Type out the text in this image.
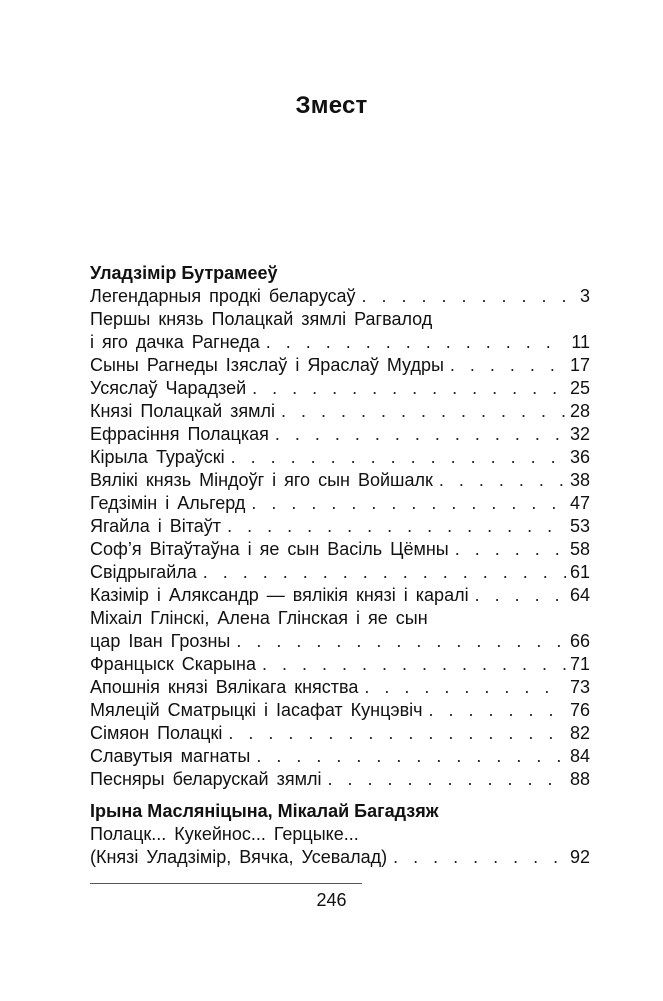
Змест
Уладзімір Бутрамееў
Легендарныя продкі беларусаў . . .	3
Першы князь Полацкай зямлі Рагвалод
і яго дачка Рагнеда . . .	11
Сыны Рагнеды Ізяслаў і Яраслаў Мудры . . .	17
Усяслаў Чарадзей . . .	25
Князі Полацкай зямлі . . .	28
Ефрасіння Полацкая . . .	32
Кірыла Тураўскі . . .	36
Вялікі князь Міндоўг і яго сын Войшалк . . .	38
Гедзімін і Альгерд . . .	47
Ягайла і Вітаўт . . .	53
Соф’я Вітаўтаўна і яе сын Васіль Цёмны . . .	58
Свідрыгайла . . .	61
Казімір і Аляксандр — вялікія князі і каралі . . .	64
Міхаіл Глінскі, Алена Глінская і яе сын
цар Іван Грозны . . .	66
Францыск Скарына . . .	71
Апошнія князі Вялікага княства . . .	73
Мялецій Сматрыцкі і Іасафат Кунцэвіч . . .	76
Сімяон Полацкі . . .	82
Славутыя магнаты . . .	84
Песняры беларускай зямлі . . .	88
Ірына Масляніцына, Мікалай Багадзяж
Полацк... Кукейнос... Герцыке...
(Князі Уладзімір, Вячка, Усевалад) . . .	92
246
